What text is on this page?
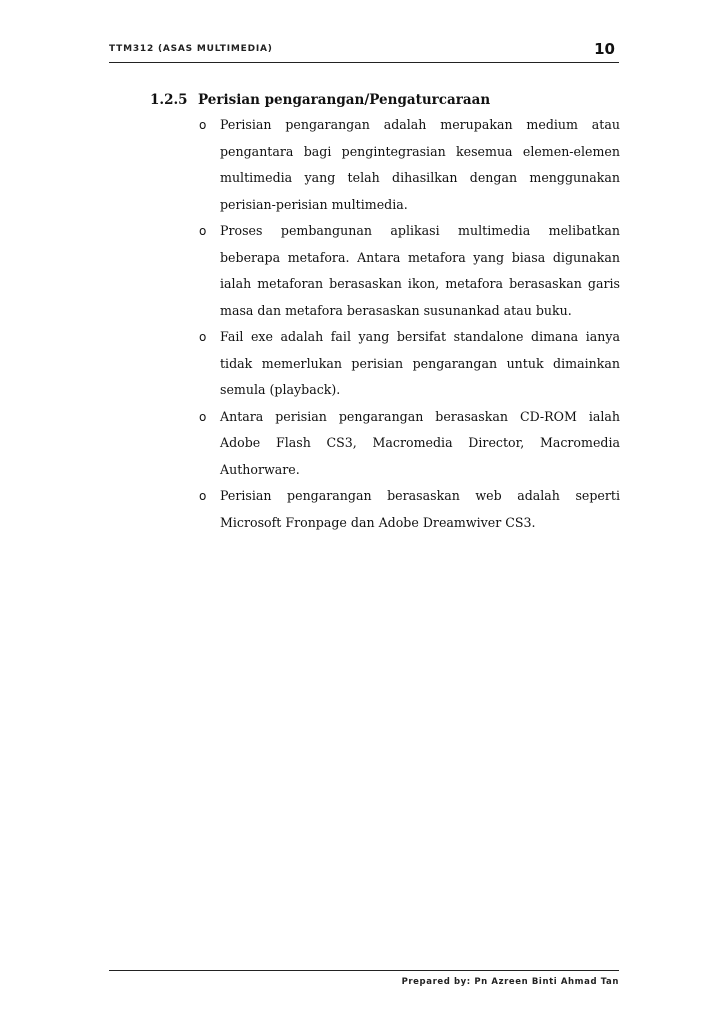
TTM312 (ASAS MULTIMEDIA)	10
1.2.5 Perisian pengarangan/Pengaturcaraan
o Perisian pengarangan adalah merupakan medium atau pengantara bagi pengintegrasian kesemua elemen-elemen multimedia yang telah dihasilkan dengan menggunakan perisian-perisian multimedia.
o Proses pembangunan aplikasi multimedia melibatkan beberapa metafora. Antara metafora yang biasa digunakan ialah metaforan berasaskan ikon, metafora berasaskan garis masa dan metafora berasaskan susunankad atau buku.
o Fail exe adalah fail yang bersifat standalone dimana ianya tidak memerlukan perisian pengarangan untuk dimainkan semula (playback).
o Antara perisian pengarangan berasaskan CD-ROM ialah Adobe Flash CS3, Macromedia Director, Macromedia Authorware.
o Perisian pengarangan berasaskan web adalah seperti Microsoft Fronpage dan Adobe Dreamwiver CS3.
Prepared by: Pn Azreen Binti Ahmad Tan
